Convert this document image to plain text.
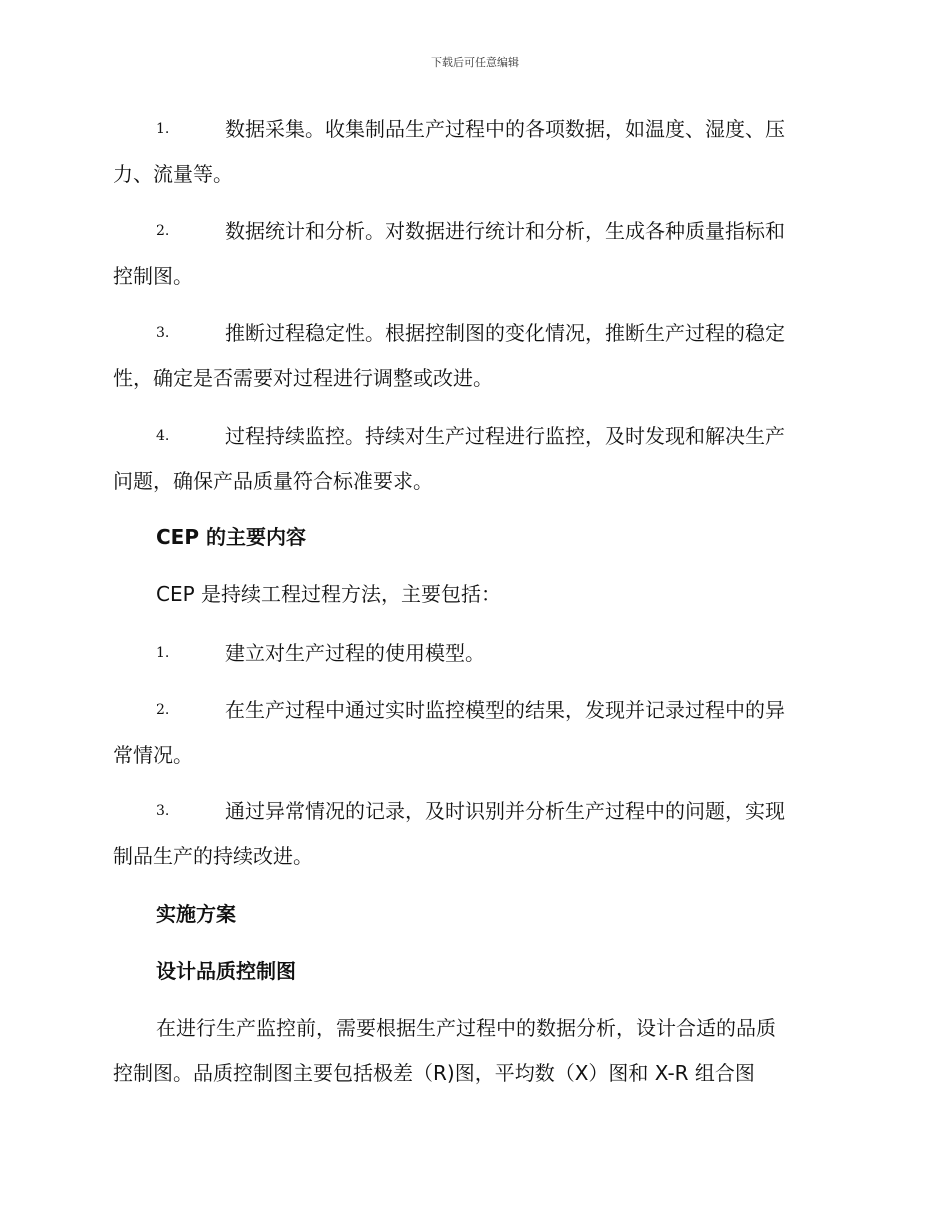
下载后可任意编辑
1.	数据采集。收集制品生产过程中的各项数据，如温度、湿度、压
力、流量等。
2.	数据统计和分析。对数据进行统计和分析，生成各种质量指标和
控制图。
3.	推断过程稳定性。根据控制图的变化情况，推断生产过程的稳定
性，确定是否需要对过程进行调整或改进。
4.	过程持续监控。持续对生产过程进行监控，及时发现和解决生产
问题，确保产品质量符合标准要求。
CEP 的主要内容
CEP 是持续工程过程方法，主要包括：
1.	建立对生产过程的使用模型。
2.	在生产过程中通过实时监控模型的结果，发现并记录过程中的异
常情况。
3.	通过异常情况的记录，及时识别并分析生产过程中的问题，实现
制品生产的持续改进。
实施方案
设计品质控制图
在进行生产监控前，需要根据生产过程中的数据分析，设计合适的品质
控制图。品质控制图主要包括极差（R)图，平均数（X）图和 X-R 组合图
